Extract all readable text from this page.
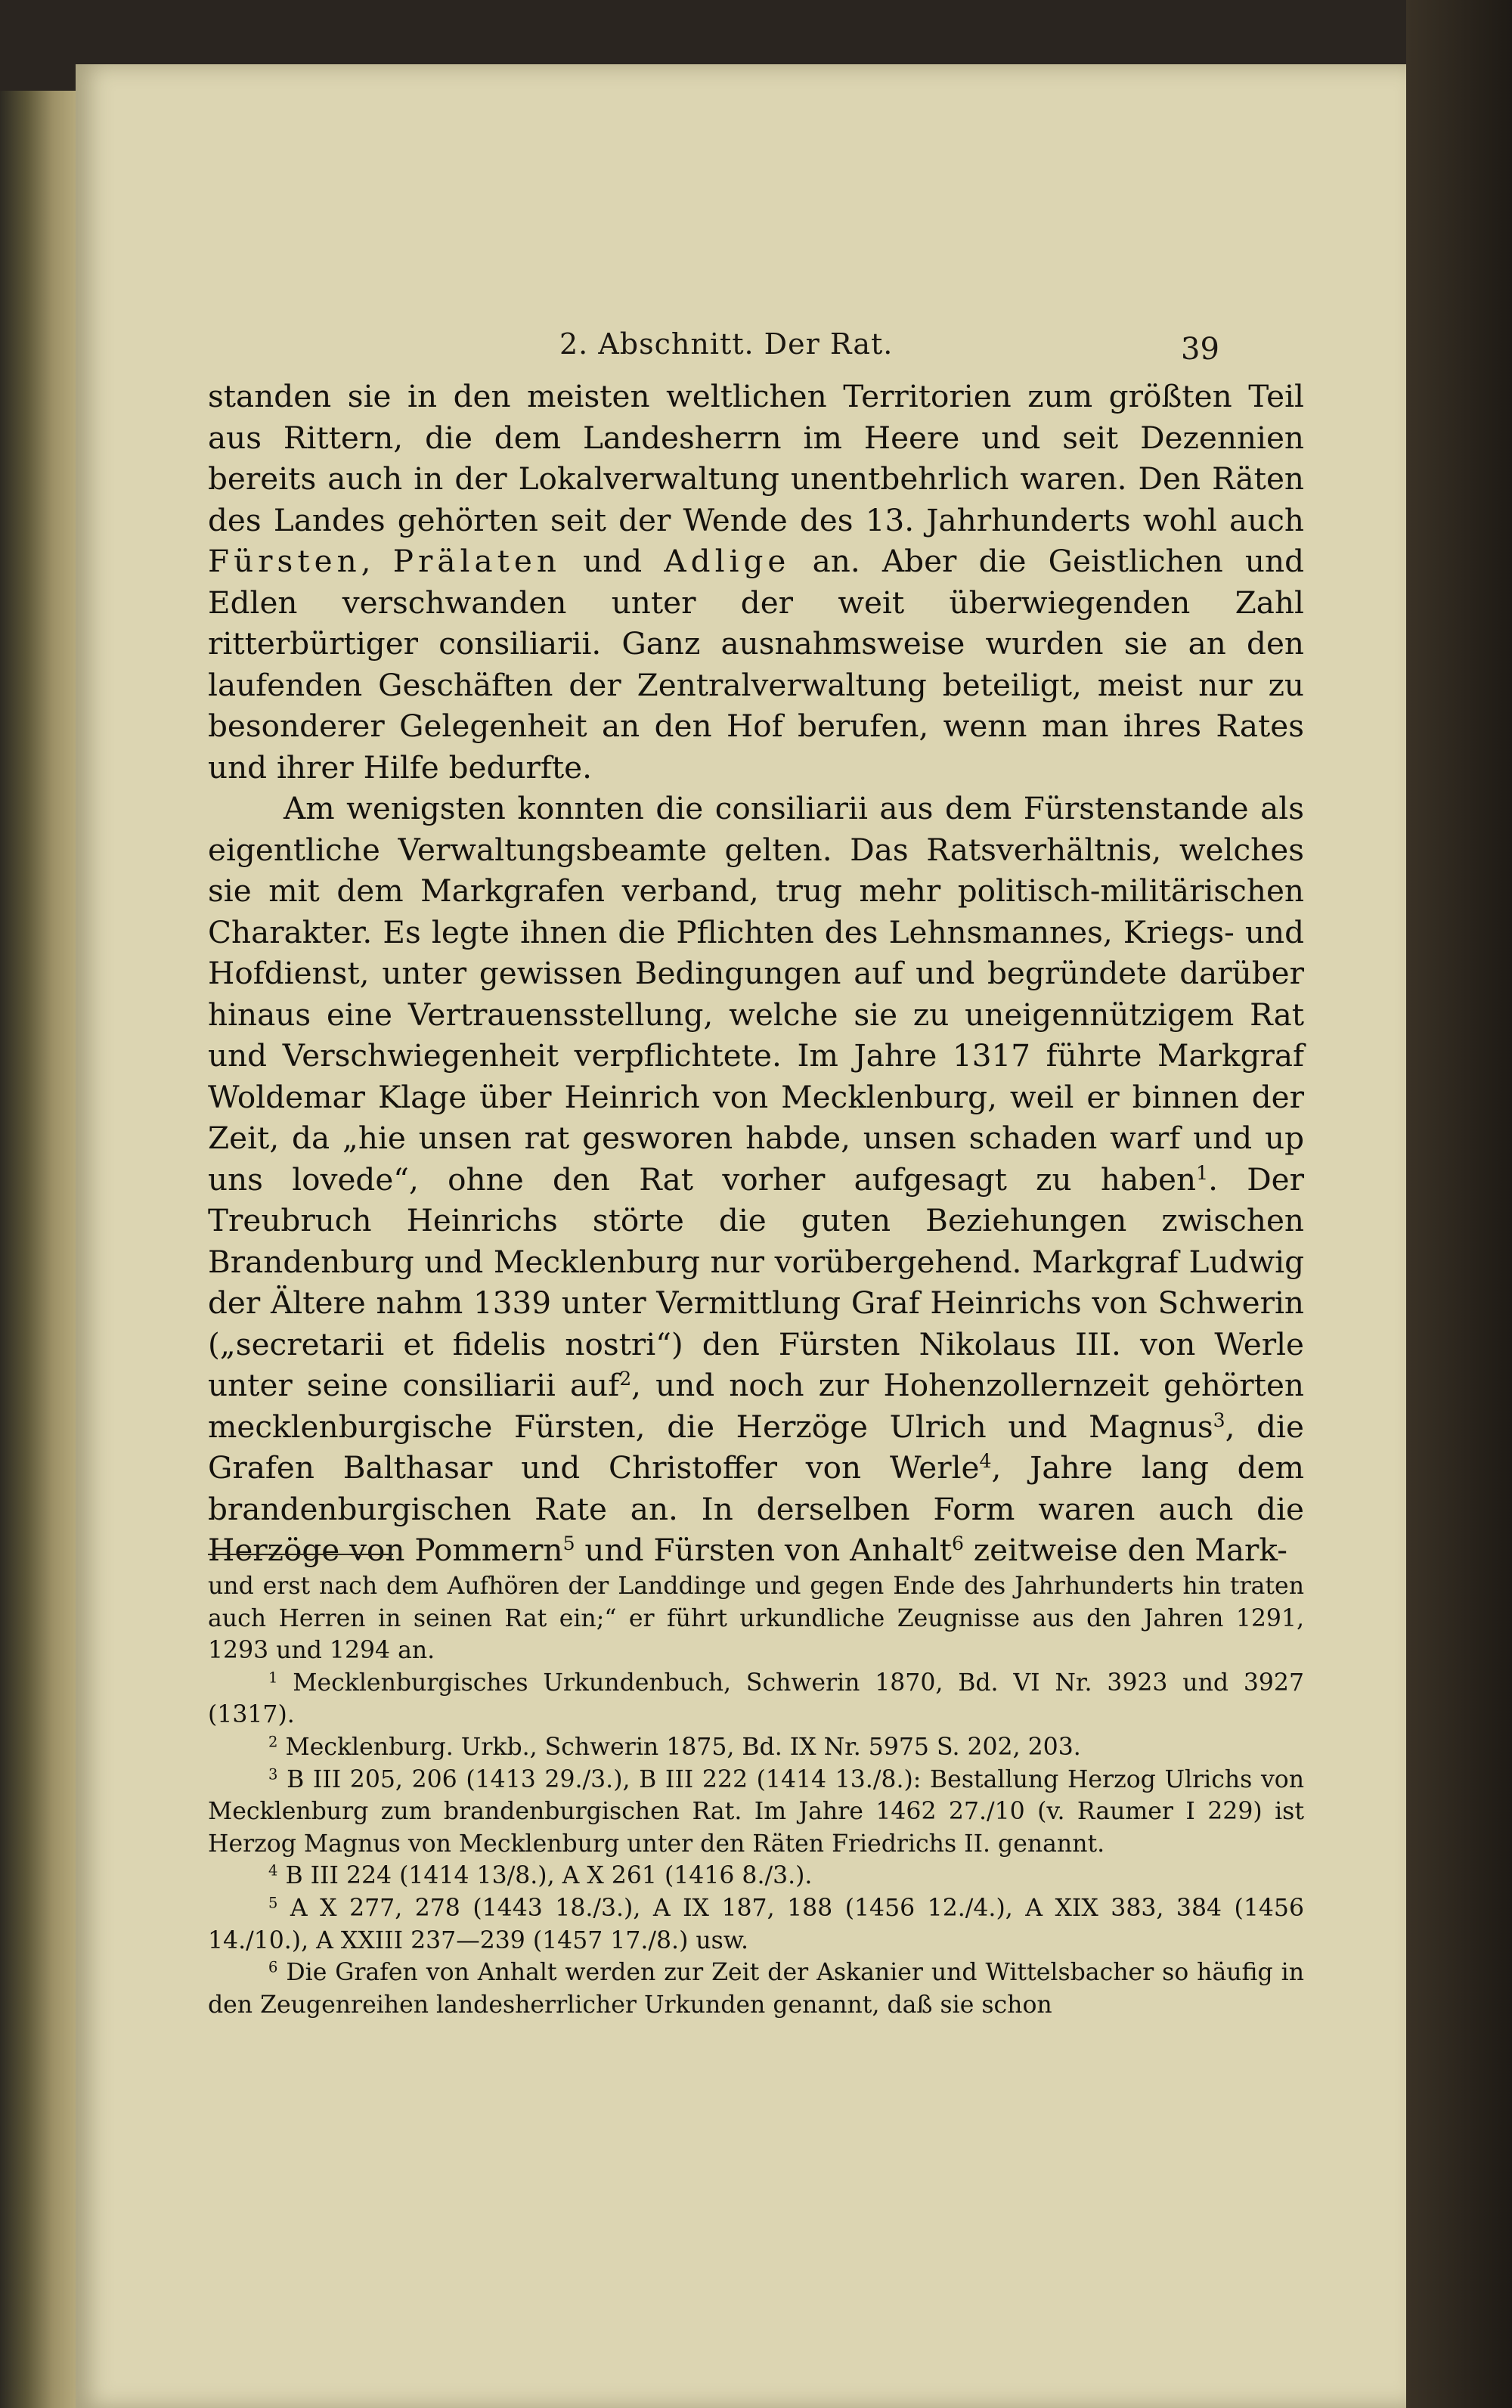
2. Abschnitt. Der Rat.	39

standen sie in den meisten weltlichen Territorien zum größten Teil aus Rittern, die dem Landesherrn im Heere und seit Dezennien bereits auch in der Lokalverwaltung unentbehrlich waren. Den Räten des Landes gehörten seit der Wende des 13. Jahrhunderts wohl auch Fürsten, Prälaten und Adlige an. Aber die Geistlichen und Edlen verschwanden unter der weit überwiegenden Zahl ritterbürtiger consiliarii. Ganz ausnahmsweise wurden sie an den laufenden Geschäften der Zentralverwaltung beteiligt, meist nur zu besonderer Gelegenheit an den Hof berufen, wenn man ihres Rates und ihrer Hilfe bedurfte.

Am wenigsten konnten die consiliarii aus dem Fürstenstande als eigentliche Verwaltungsbeamte gelten. Das Ratsverhältnis, welches sie mit dem Markgrafen verband, trug mehr politisch-militärischen Charakter. Es legte ihnen die Pflichten des Lehnsmannes, Kriegs- und Hofdienst, unter gewissen Bedingungen auf und begründete darüber hinaus eine Vertrauensstellung, welche sie zu uneigennützigem Rat und Verschwiegenheit verpflichtete. Im Jahre 1317 führte Markgraf Woldemar Klage über Heinrich von Mecklenburg, weil er binnen der Zeit, da „hie unsen rat gesworen habde, unsen schaden warf und up uns lovede“, ohne den Rat vorher aufgesagt zu haben$^1$. Der Treubruch Heinrichs störte die guten Beziehungen zwischen Brandenburg und Mecklenburg nur vorübergehend. Markgraf Ludwig der Ältere nahm 1339 unter Vermittlung Graf Heinrichs von Schwerin („secretarii et fidelis nostri“) den Fürsten Nikolaus III. von Werle unter seine consiliarii auf$^2$, und noch zur Hohenzollernzeit gehörten mecklenburgische Fürsten, die Herzöge Ulrich und Magnus$^3$, die Grafen Balthasar und Christoffer von Werle$^4$, Jahre lang dem brandenburgischen Rate an. In derselben Form waren auch die Herzöge von Pommern$^5$ und Fürsten von Anhalt$^6$ zeitweise den Mark-

und erst nach dem Aufhören der Landdinge und gegen Ende des Jahrhunderts hin traten auch Herren in seinen Rat ein;“ er führt urkundliche Zeugnisse aus den Jahren 1291, 1293 und 1294 an.

$^1$ Mecklenburgisches Urkundenbuch, Schwerin 1870, Bd. VI Nr. 3923 und 3927 (1317).

$^2$ Mecklenburg. Urkb., Schwerin 1875, Bd. IX Nr. 5975 S. 202, 203.

$^3$ B III 205, 206 (1413 29./3.), B III 222 (1414 13./8.): Bestallung Herzog Ulrichs von Mecklenburg zum brandenburgischen Rat. Im Jahre 1462 27./10 (v. Raumer I 229) ist Herzog Magnus von Mecklenburg unter den Räten Friedrichs II. genannt.

$^4$ B III 224 (1414 13/8.), A X 261 (1416 8./3.).

$^5$ A X 277, 278 (1443 18./3.), A IX 187, 188 (1456 12./4.), A XIX 383, 384 (1456 14./10.), A XXIII 237—239 (1457 17./8.) usw.

$^6$ Die Grafen von Anhalt werden zur Zeit der Askanier und Wittelsbacher so häufig in den Zeugenreihen landesherrlicher Urkunden genannt, daß sie schon
